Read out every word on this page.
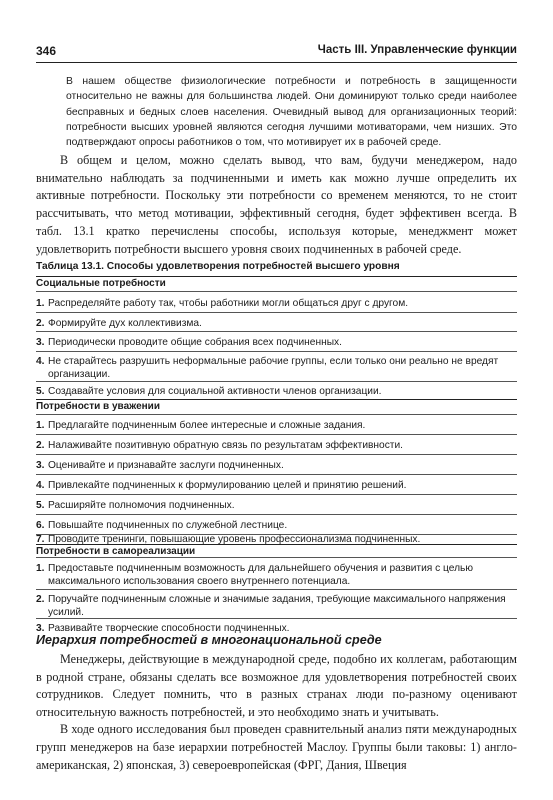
346	Часть III. Управленческие функции

В нашем обществе физиологические потребности и потребность в защищенности относительно не важны для большинства людей. Они доминируют только среди наиболее бесправных и бедных слоев населения. Очевидный вывод для организационных теорий: потребности высших уровней являются сегодня лучшими мотиваторами, чем низших. Это подтверждают опросы работников о том, что мотивирует их в рабочей среде.

В общем и целом, можно сделать вывод, что вам, будучи менеджером, надо внимательно наблюдать за подчиненными и иметь как можно лучше определить их активные потребности. Поскольку эти потребности со временем меняются, то не стоит рассчитывать, что метод мотивации, эффективный сегодня, будет эффективен всегда. В табл. 13.1 кратко перечислены способы, используя которые, менеджмент может удовлетворить потребности высшего уровня своих подчиненных в рабочей среде.

Таблица 13.1. Способы удовлетворения потребностей высшего уровня
Социальные потребности
1. Распределяйте работу так, чтобы работники могли общаться друг с другом.
2. Формируйте дух коллективизма.
3. Периодически проводите общие собрания всех подчиненных.
4. Не старайтесь разрушить неформальные рабочие группы, если только они реально не вредят организации.
5. Создавайте условия для социальной активности членов организации.
Потребности в уважении
1. Предлагайте подчиненным более интересные и сложные задания.
2. Налаживайте позитивную обратную связь по результатам эффективности.
3. Оценивайте и признавайте заслуги подчиненных.
4. Привлекайте подчиненных к формулированию целей и принятию решений.
5. Расширяйте полномочия подчиненных.
6. Повышайте подчиненных по служебной лестнице.
7. Проводите тренинги, повышающие уровень профессионализма подчиненных.
Потребности в самореализации
1. Предоставьте подчиненным возможность для дальнейшего обучения и развития с целью максимального использования своего внутреннего потенциала.
2. Поручайте подчиненным сложные и значимые задания, требующие максимального напряжения усилий.
3. Развивайте творческие способности подчиненных.
Иерархия потребностей в многонациональной среде

Менеджеры, действующие в международной среде, подобно их коллегам, работающим в родной стране, обязаны сделать все возможное для удовлетворения потребностей своих сотрудников. Следует помнить, что в разных странах люди по-разному оценивают относительную важность потребностей, и это необходимо знать и учитывать.

В ходе одного исследования был проведен сравнительный анализ пяти международных групп менеджеров на базе иерархии потребностей Маслоу. Группы были таковы: 1) англо-американская, 2) японская, 3) североевропейская (ФРГ, Дания, Швеция
